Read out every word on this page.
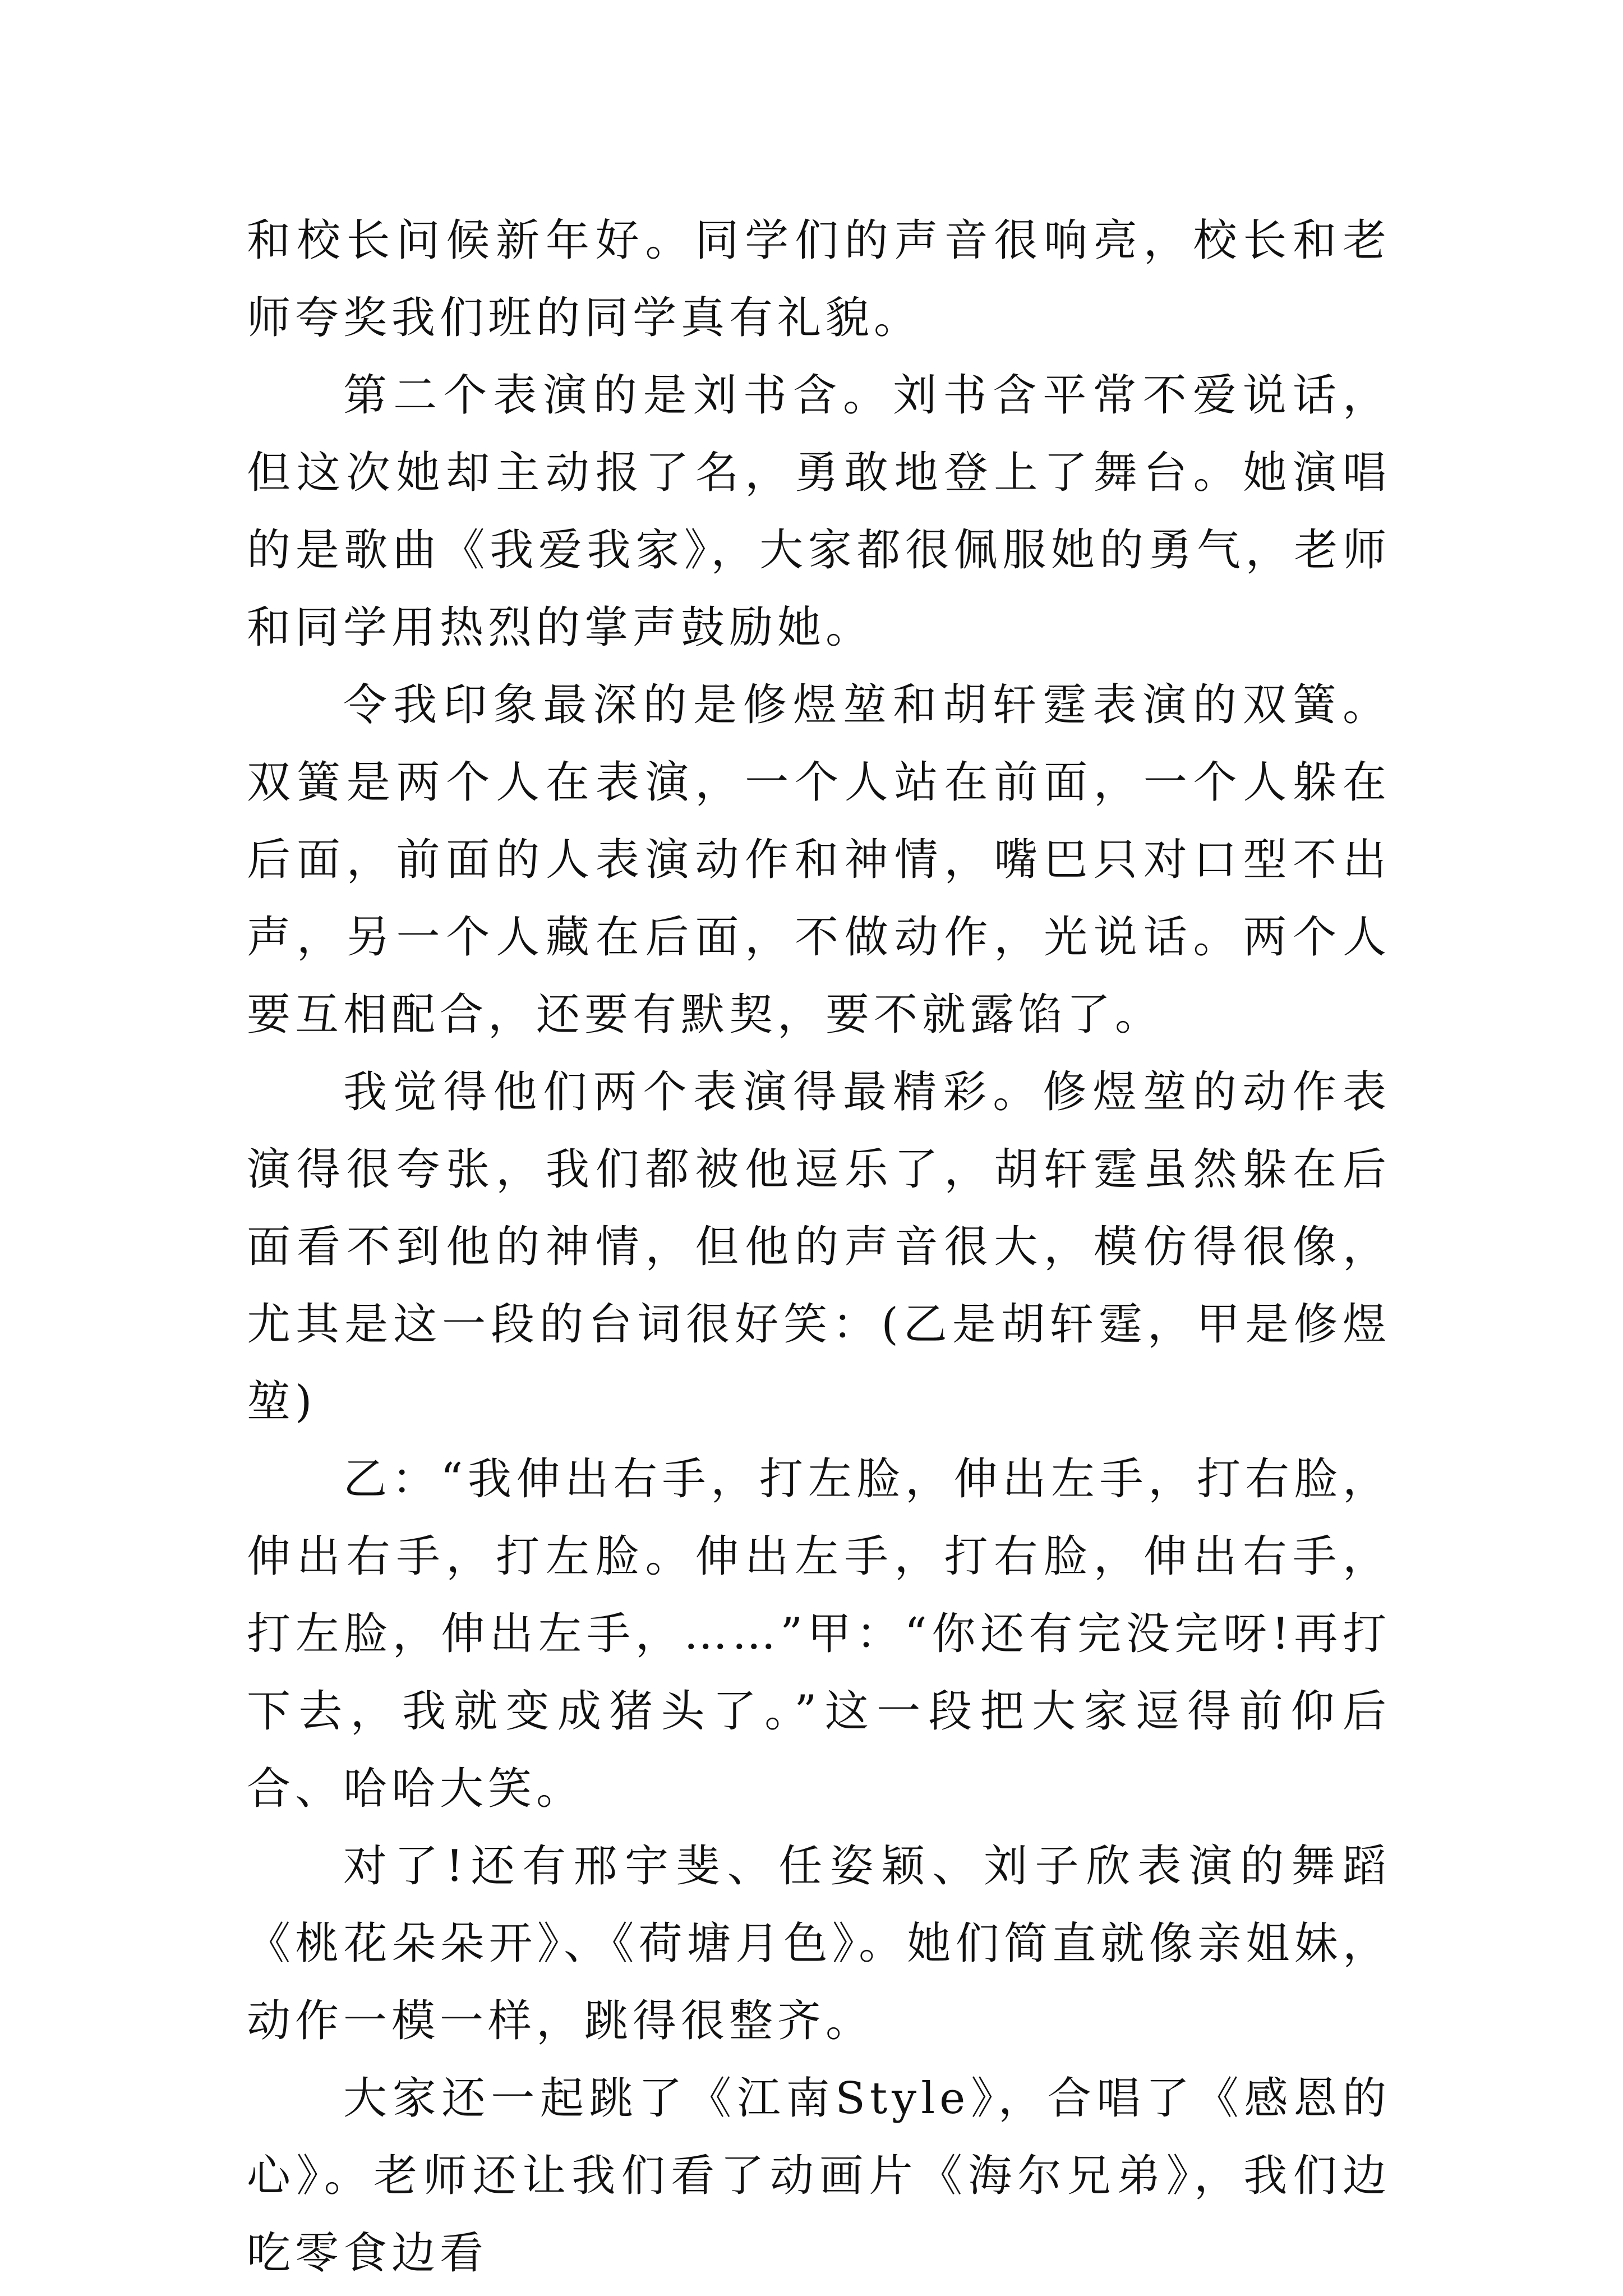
和校长问候新年好。同学们的声音很响亮，校长和老师夸奖我们班的同学真有礼貌。

第二个表演的是刘书含。刘书含平常不爱说话，但这次她却主动报了名，勇敢地登上了舞台。她演唱的是歌曲《我爱我家》，大家都很佩服她的勇气，老师和同学用热烈的掌声鼓励她。

令我印象最深的是修煜堃和胡轩霆表演的双簧。双簧是两个人在表演，一个人站在前面，一个人躲在后面，前面的人表演动作和神情，嘴巴只对口型不出声，另一个人藏在后面，不做动作，光说话。两个人要互相配合，还要有默契，要不就露馅了。

我觉得他们两个表演得最精彩。修煜堃的动作表演得很夸张，我们都被他逗乐了，胡轩霆虽然躲在后面看不到他的神情，但他的声音很大，模仿得很像，尤其是这一段的台词很好笑：(乙是胡轩霆，甲是修煜堃)

乙：“我伸出右手，打左脸，伸出左手，打右脸，伸出右手，打左脸。伸出左手，打右脸，伸出右手，打左脸，伸出左手，……”甲：“你还有完没完呀!再打下去，我就变成猪头了。”这一段把大家逗得前仰后合、哈哈大笑。

对了!还有邢宇斐、任姿颖、刘子欣表演的舞蹈《桃花朵朵开》、《荷塘月色》。她们简直就像亲姐妹，动作一模一样，跳得很整齐。

大家还一起跳了《江南Style》，合唱了《感恩的心》。老师还让我们看了动画片《海尔兄弟》，我们边吃零食边看
